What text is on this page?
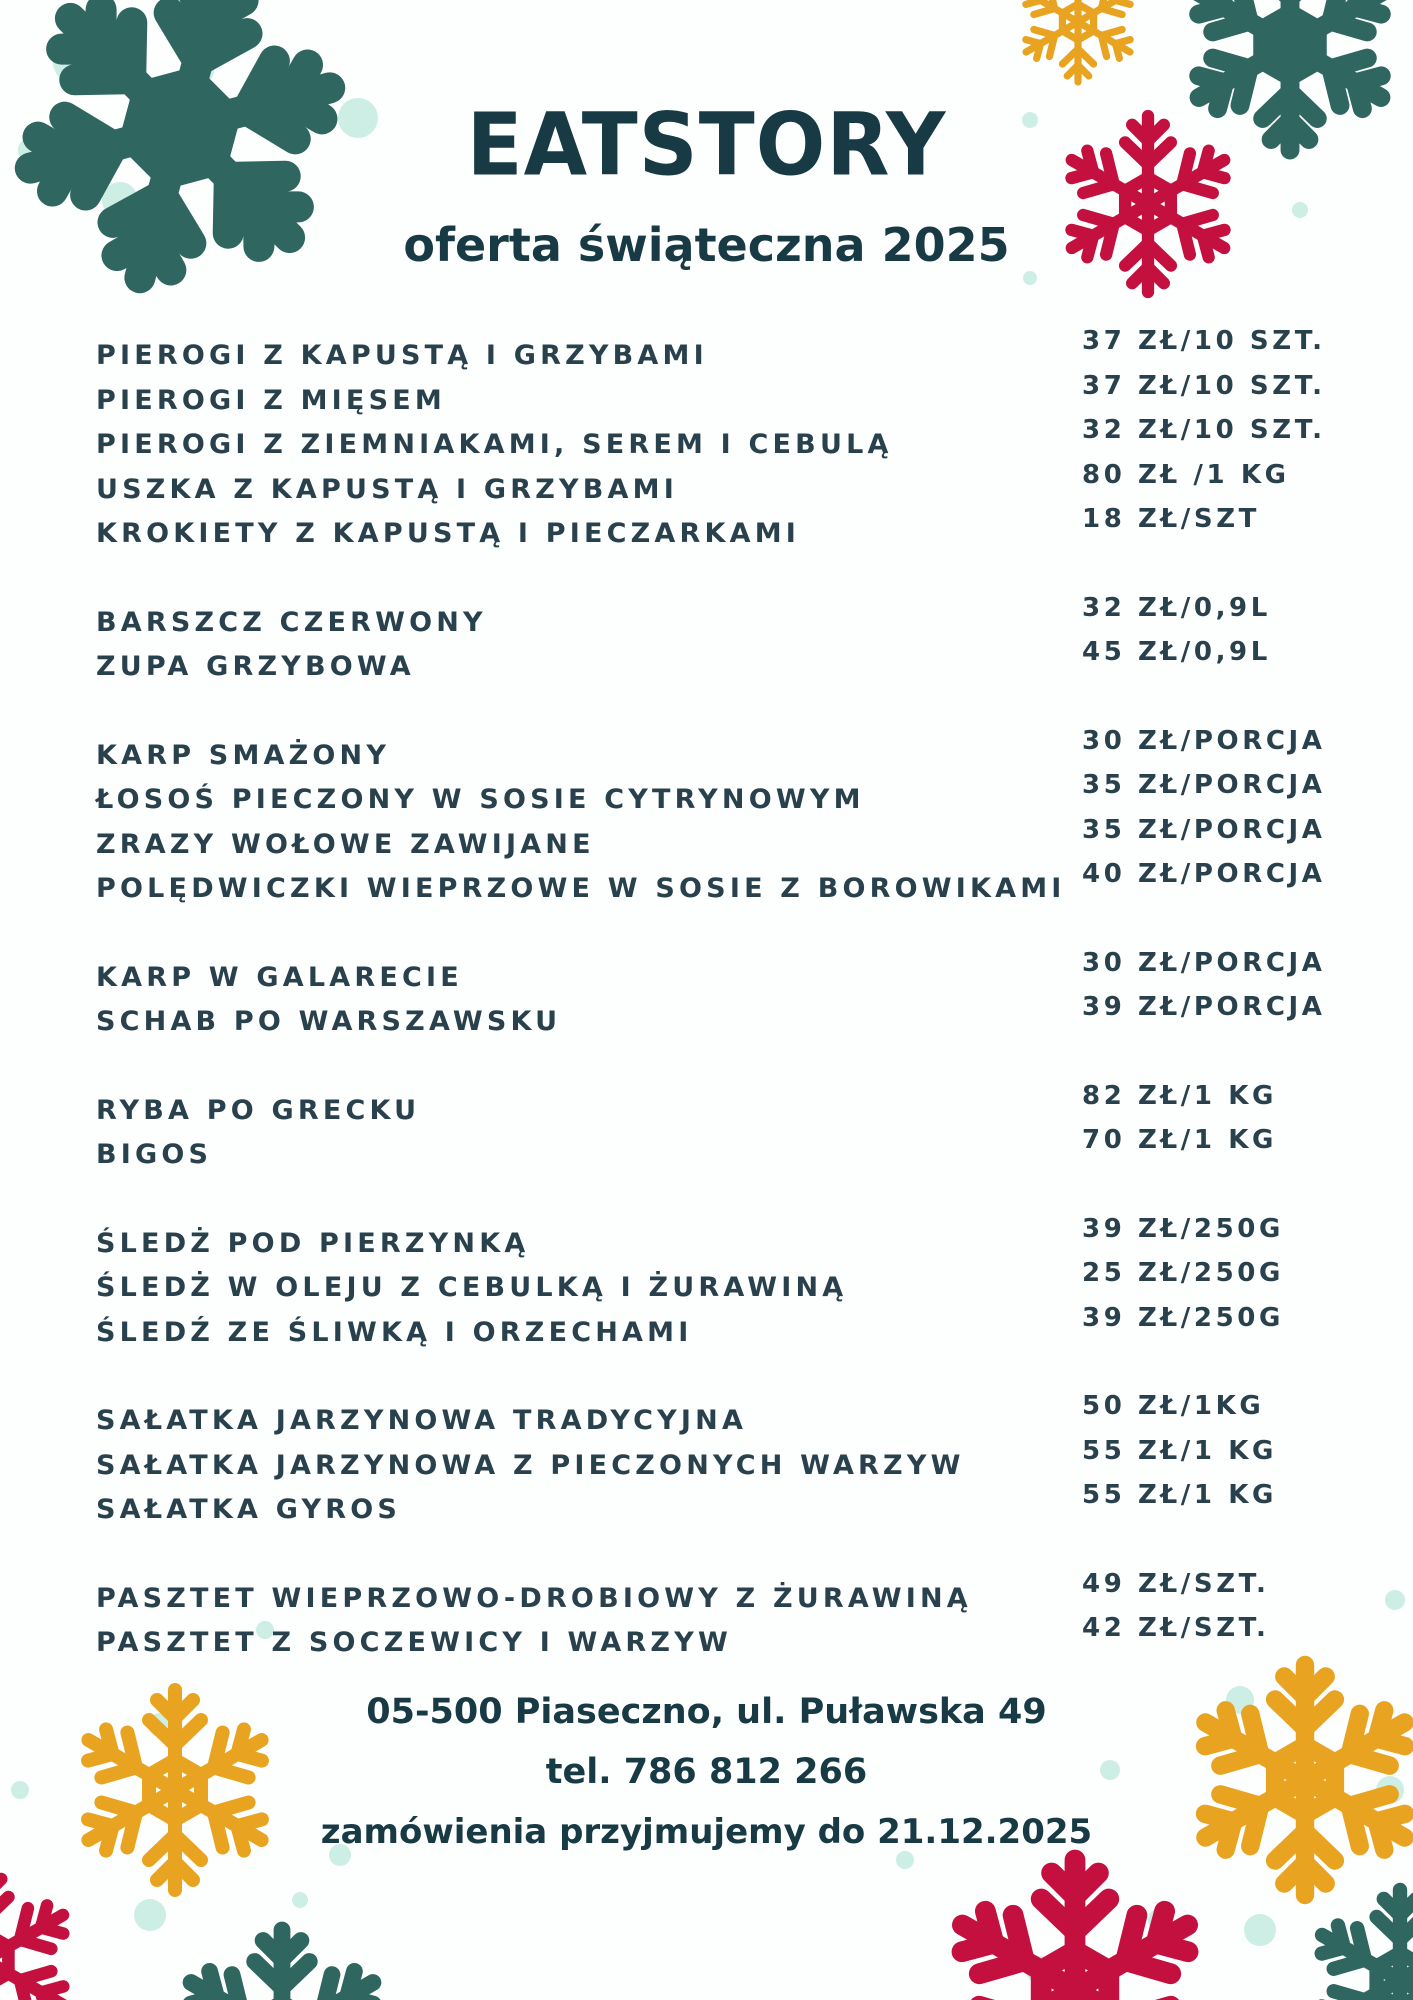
EATSTORY
oferta świąteczna 2025
PIEROGI Z KAPUSTĄ I GRZYBAMI	37 ZŁ/10 SZT.
PIEROGI Z MIĘSEM	37 ZŁ/10 SZT.
PIEROGI Z ZIEMNIAKAMI, SEREM I CEBULĄ	32 ZŁ/10 SZT.
USZKA Z KAPUSTĄ I GRZYBAMI	80 ZŁ /1 KG
KROKIETY Z KAPUSTĄ I PIECZARKAMI	18 ZŁ/SZT
BARSZCZ CZERWONY	32 ZŁ/0,9L
ZUPA GRZYBOWA	45 ZŁ/0,9L
KARP SMAŻONY	30 ZŁ/PORCJA
ŁOSOŚ PIECZONY W SOSIE CYTRYNOWYM	35 ZŁ/PORCJA
ZRAZY WOŁOWE ZAWIJANE	35 ZŁ/PORCJA
POLĘDWICZKI WIEPRZOWE W SOSIE Z BOROWIKAMI 40 ZŁ/PORCJA
KARP W GALARECIE	30 ZŁ/PORCJA
SCHAB PO WARSZAWSKU	39 ZŁ/PORCJA
RYBA PO GRECKU	82 ZŁ/1 KG
BIGOS	70 ZŁ/1 KG
ŚLEDŻ POD PIERZYNKĄ	39 ZŁ/250G
ŚLEDŻ W OLEJU Z CEBULKĄ I ŻURAWINĄ	25 ZŁ/250G
ŚLEDŹ ZE ŚLIWKĄ I ORZECHAMI	39 ZŁ/250G
SAŁATKA JARZYNOWA TRADYCYJNA	50 ZŁ/1KG
SAŁATKA JARZYNOWA Z PIECZONYCH WARZYW	55 ZŁ/1 KG
SAŁATKA GYROS	55 ZŁ/1 KG
PASZTET WIEPRZOWO-DROBIOWY Z ŻURAWINĄ	49 ZŁ/SZT.
PASZTET Z SOCZEWICY I WARZYW	42 ZŁ/SZT.
05-500 Piaseczno, ul. Puławska 49
tel. 786 812 266
zamówienia przyjmujemy do 21.12.2025
